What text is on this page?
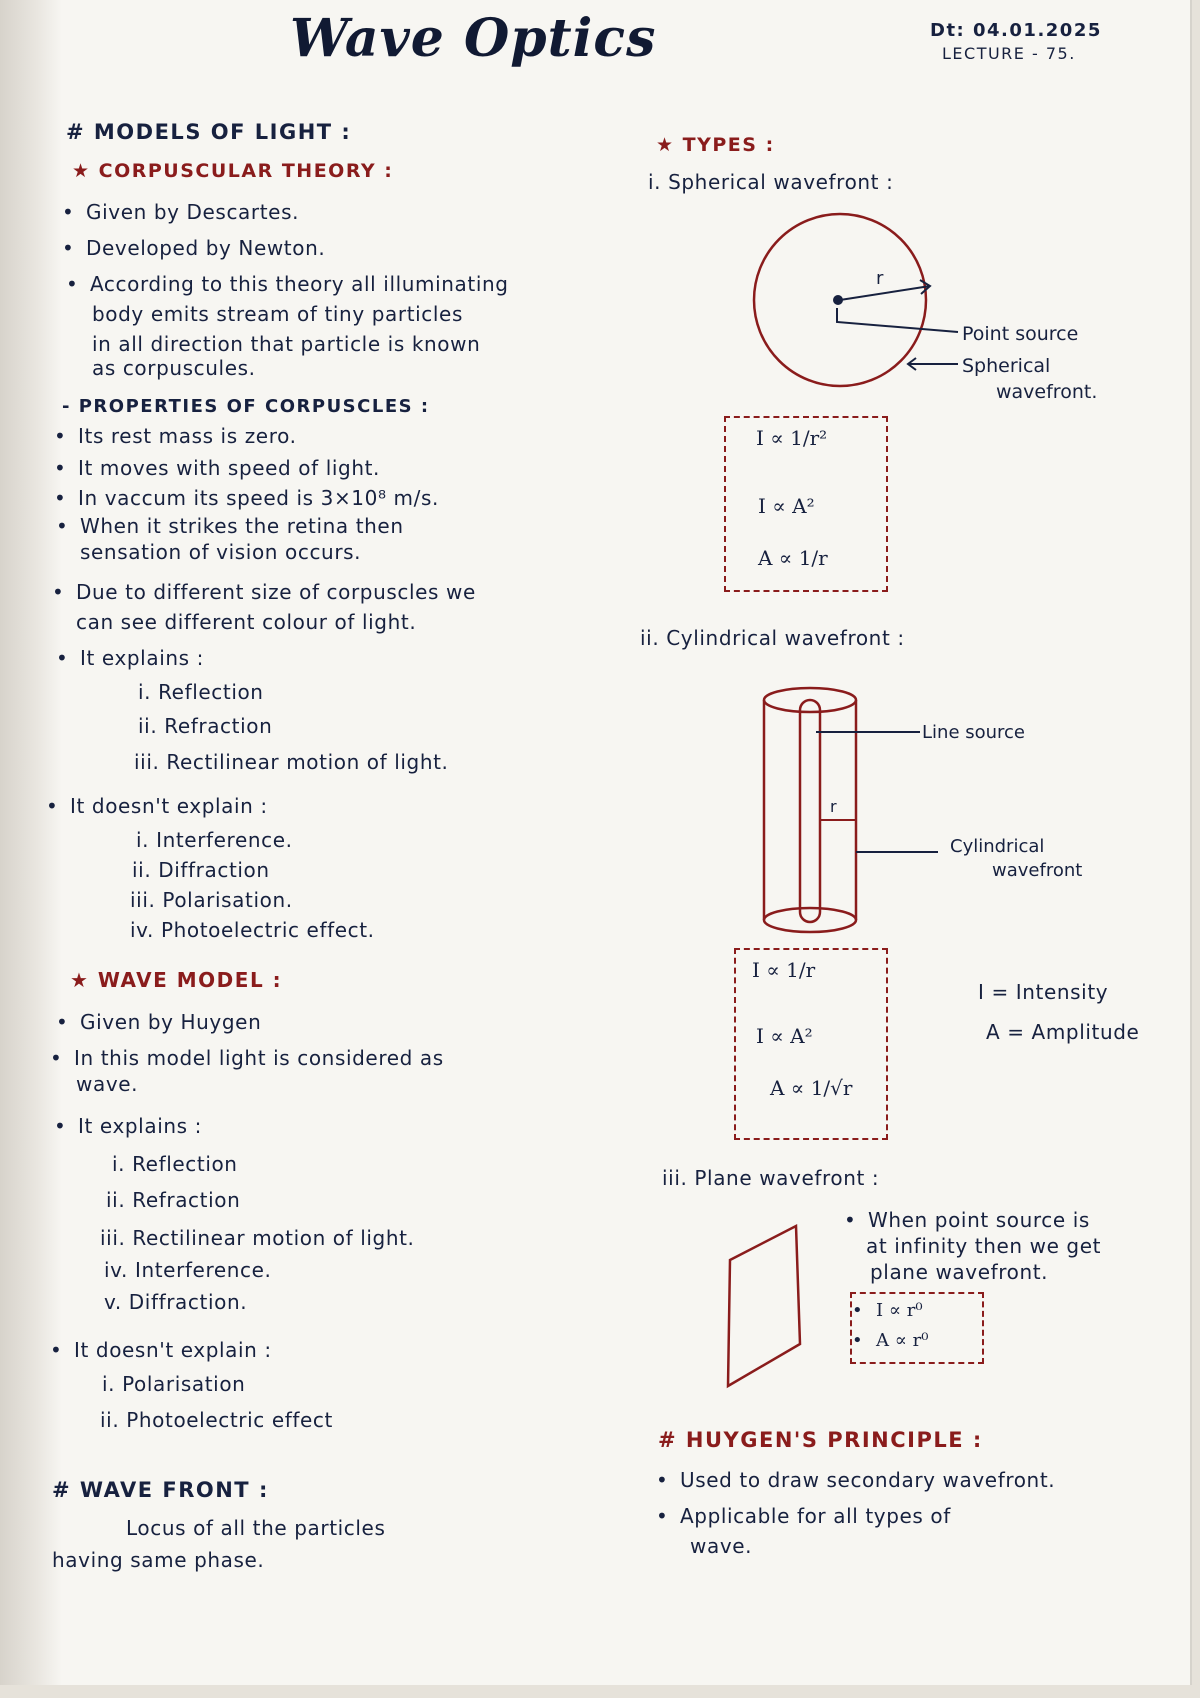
Wave Optics	Dt: 04.01.2025
LECTURE - 75.
# MODELS OF LIGHT :
★ CORPUSCULAR THEORY :
• Given by Descartes.
• Developed by Newton.
• According to this theory all illuminating
body emits stream of tiny particles
in all direction that particle is known
as corpuscules.
- PROPERTIES OF CORPUSCLES :
• Its rest mass is zero.
• It moves with speed of light.
• In vaccum its speed is 3×10⁸ m/s.
• When it strikes the retina then
sensation of vision occurs.
• Due to different size of corpuscles we
can see different colour of light.
• It explains :
i. Reflection
ii. Refraction
iii. Rectilinear motion of light.
• It doesn't explain :
i. Interference.
ii. Diffraction
iii. Polarisation.
iv. Photoelectric effect.
★ WAVE MODEL :
• Given by Huygen
• In this model light is considered as
wave.
• It explains :
i. Reflection
ii. Refraction
iii. Rectilinear motion of light.
iv. Interference.
v. Diffraction.
• It doesn't explain :
i. Polarisation
ii. Photoelectric effect
# WAVE FRONT :
Locus of all the particles
having same phase.
★ TYPES :
i. Spherical wavefront :
r
Point source
Spherical
wavefront.
I ∝ 1/r²
I ∝ A²
A ∝ 1/r
ii. Cylindrical wavefront :
r
Line source
Cylindrical
wavefront
I ∝ 1/r
I ∝ A²
A ∝ 1/√r
I = Intensity
A = Amplitude
iii. Plane wavefront :
• When point source is
at infinity then we get
plane wavefront.
• I ∝ r⁰
• A ∝ r⁰
# HUYGEN'S PRINCIPLE :
• Used to draw secondary wavefront.
• Applicable for all types of
wave.
